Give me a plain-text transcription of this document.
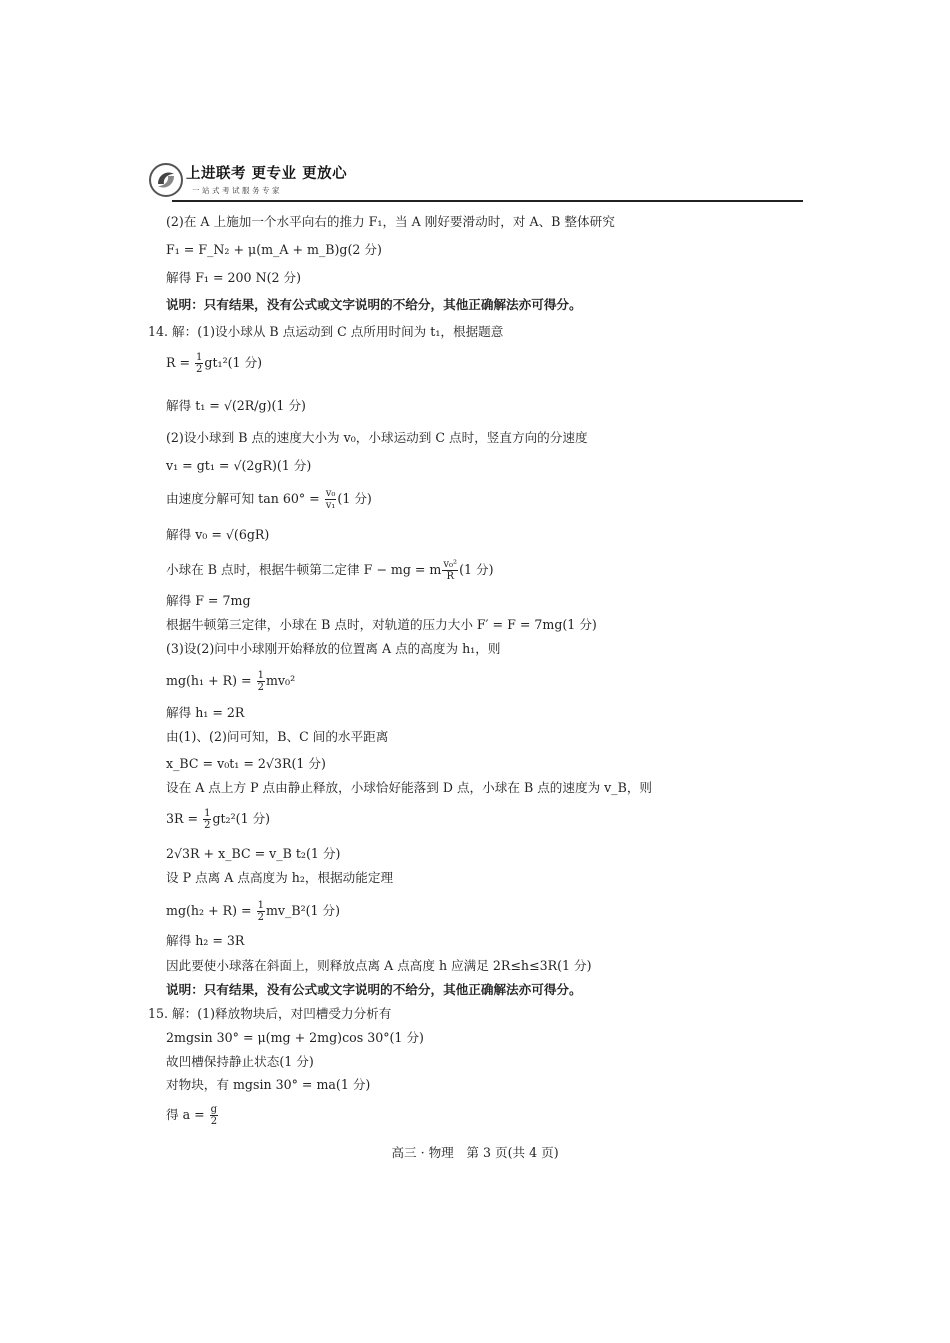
上进联考 更专业 更放心
一站式考试服务专家
(2)在 A 上施加一个水平向右的推力 F₁，当 A 刚好要滑动时，对 A、B 整体研究
F₁ = F_N₂ + μ(m_A + m_B)g(2 分)
解得 F₁ = 200 N(2 分)
说明：只有结果，没有公式或文字说明的不给分，其他正确解法亦可得分。
14. 解：(1)设小球从 B 点运动到 C 点所用时间为 t₁，根据题意
$R = \frac{1}{2} gt_1^2(1$ 分)
解得 t₁ = √(2R/g)(1 分)
(2)设小球到 B 点的速度大小为 v₀，小球运动到 C 点时，竖直方向的分速度
v₁ = gt₁ = √(2gR)(1 分)
由速度分解可知 $\tan 60^\circ = \frac{\text{v₀}}{\text{v₁}} (1$ 分)
解得 v₀ = √(6gR)
小球在 B 点时，根据牛顿第二定律 F − mg = m $\frac{\text{v₀²}}{R} (1$ 分)
解得 F = 7mg
根据牛顿第三定律，小球在 B 点时，对轨道的压力大小 F′ = F = 7mg(1 分)
(3)设(2)问中小球刚开始释放的位置离 A 点的高度为 h₁，则
$mg(h_1 + R) = \frac{1}{2} mv_0^2$
解得 h₁ = 2R
由(1)、(2)问可知，B、C 间的水平距离
x_BC = v₀t₁ = 2√3R(1 分)
设在 A 点上方 P 点由静止释放，小球恰好能落到 D 点，小球在 B 点的速度为 v_B，则
$3R = \frac{1}{2} gt_2^2(1$ 分)
2√3R + x_BC = v_B t₂(1 分)
设 P 点离 A 点高度为 h₂，根据动能定理
$mg(h_2 + R) = \frac{1}{2}$ mv_B²(1 分)
解得 h₂ = 3R
因此要使小球落在斜面上，则释放点离 A 点高度 h 应满足 2R≤h≤3R(1 分)
说明：只有结果，没有公式或文字说明的不给分，其他正确解法亦可得分。
15. 解：(1)释放物块后，对凹槽受力分析有
2mgsin 30° = μ(mg + 2mg)cos 30°(1 分)
故凹槽保持静止状态(1 分)
对物块，有 mgsin 30° = ma(1 分)
得 $a = \frac{g}{2}$
高三 · 物理　第 3 页(共 4 页)
